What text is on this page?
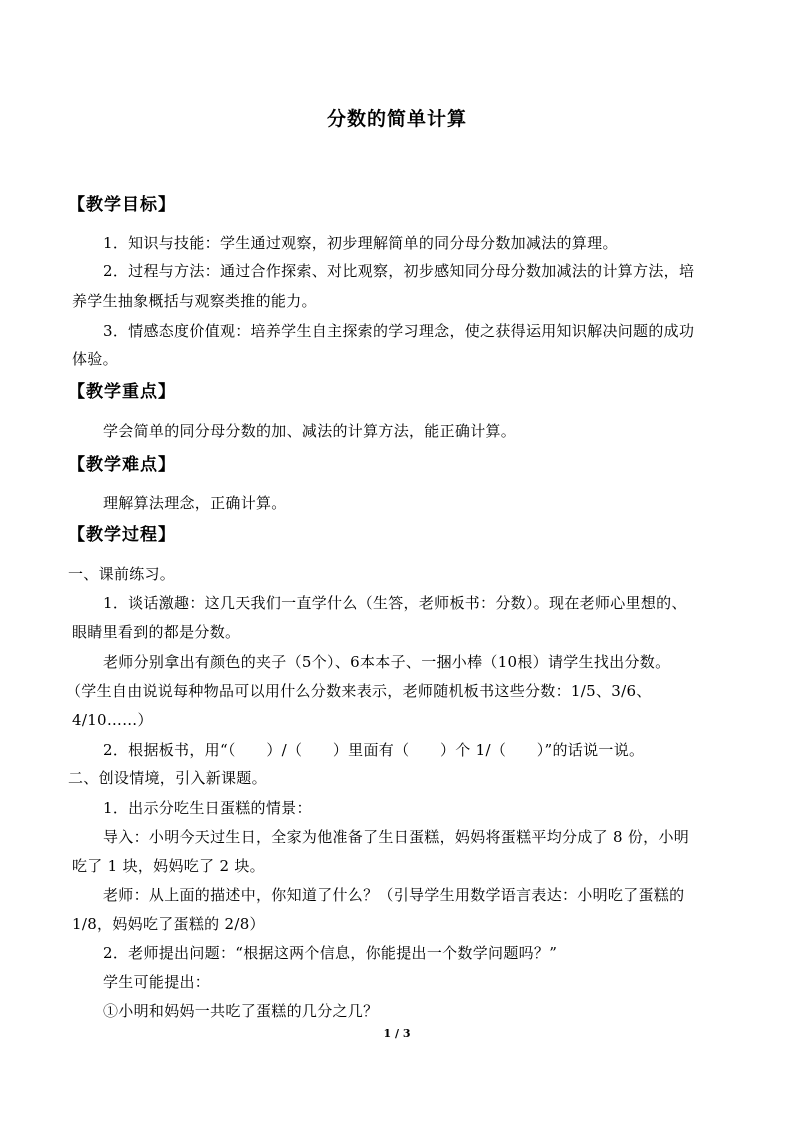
分数的简单计算
【教学目标】
1．知识与技能：学生通过观察，初步理解简单的同分母分数加减法的算理。
2．过程与方法：通过合作探索、对比观察，初步感知同分母分数加减法的计算方法，培
养学生抽象概括与观察类推的能力。
3．情感态度价值观：培养学生自主探索的学习理念，使之获得运用知识解决问题的成功
体验。
【教学重点】
学会简单的同分母分数的加、减法的计算方法，能正确计算。
【教学难点】
理解算法理念，正确计算。
【教学过程】
一、课前练习。
1．谈话激趣：这几天我们一直学什么（生答，老师板书：分数）。现在老师心里想的、
眼睛里看到的都是分数。
老师分别拿出有颜色的夹子（5个）、6本本子、一捆小棒（10根）请学生找出分数。
（学生自由说说每种物品可以用什么分数来表示，老师随机板书这些分数：1/5、3/6、
4/10……）
2．根据板书，用“（　　）/（　　）里面有（　　）个 1/（　　）”的话说一说。
二、创设情境，引入新课题。
1．出示分吃生日蛋糕的情景：
导入：小明今天过生日，全家为他准备了生日蛋糕，妈妈将蛋糕平均分成了 8 份，小明
吃了 1 块，妈妈吃了 2 块。
老师：从上面的描述中，你知道了什么？（引导学生用数学语言表达：小明吃了蛋糕的
1/8，妈妈吃了蛋糕的 2/8）
2．老师提出问题：“根据这两个信息，你能提出一个数学问题吗？”
学生可能提出：
①小明和妈妈一共吃了蛋糕的几分之几？
1 / 3
